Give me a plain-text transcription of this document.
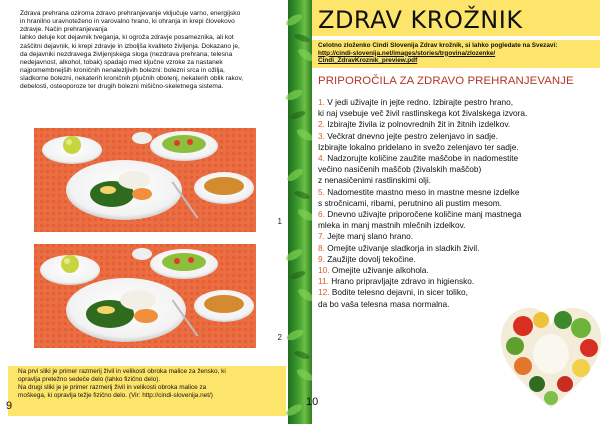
Zdrava prehrana oziroma zdravo prehranjevanje vključuje varno, energijsko

in hranilno uravnoteženo in varovalno hrano, ki ohranja in krepi človekovo

zdravje. Način prehranjevanja

lahko deluje kot dejavnik tveganja, ki ogroža zdravje posameznika, ali kot

zaščitni dejavnik, ki krepi zdravje in izboljša kvaliteto življenja. Dokazano je,

da dejavniki nezdravega življenjskega sloga (nezdrava prehrana, telesna

nedejavnost, alkohol, tobak) spadajo med ključne vzroke za nastanek

najpomembnejših kroničnih nenalezljivih bolezni: bolezni srca in ožilja,

sladkorne bolezni, nekaterih kroničnih pljučnih obolenj, nekaterih oblik rakov,

debelosti, osteoporoze ter drugih bolezni mišično-skeletnega sistema.

1
2

Na prvi sliki je primer razmerij živil in velikosti obroka malice za žensko, ki

opravlja pretežno sedeče delo (lahko fizično delo).

Na drugi sliki je je primer razmerij živil in velikosti obroka malice za

moškega, ki opravlja težje fizično delo. (Vir: http://cindi-slovenija.net/)

9
ZDRAV KROŽNIK
Celotno zloženko Cindi Slovenija Zdrav krožnik, si lahko pogledate na Svezavi:
http://cindi-slovenija.net/images/stories/trgovina/zlozenke/
Cindi_ZdravKroznik_preview.pdf
PRIPOROČILA ZA ZDRAVO PREHRANJEVANJE
1. V jedi uživajte in jejte redno. Izbirajte pestro hrano,
ki naj vsebuje več živil rastlinskega kot živalskega izvora.
2. Izbirajte živila iz polnovrednih žit in žitnih izdelkov.
3. Večkrat dnevno jejte pestro zelenjavo in sadje.
Izbirajte lokalno pridelano in svežo zelenjavo ter sadje.
4. Nadzorujte količine zaužite maščobe in nadomestite
večino nasičenih maščob (živalskih maščob)
z nenasičenimi rastlinskimi olji.
5. Nadomestite mastno meso in mastne mesne izdelke
s stročnicami, ribami, perutnino ali pustim mesom.
6. Dnevno uživajte priporočene količine manj mastnega
mleka in manj mastnih mlečnih izdelkov.
7. Jejte manj slano hrano.
8. Omejite uživanje sladkorja in sladkih živil.
9. Zaužijte dovolj tekočine.
10. Omejite uživanje alkohola.
11. Hrano pripravljajte zdravo in higiensko.
12. Bodite telesno dejavni, in sicer toliko,
da bo vaša telesna masa normalna.
10
